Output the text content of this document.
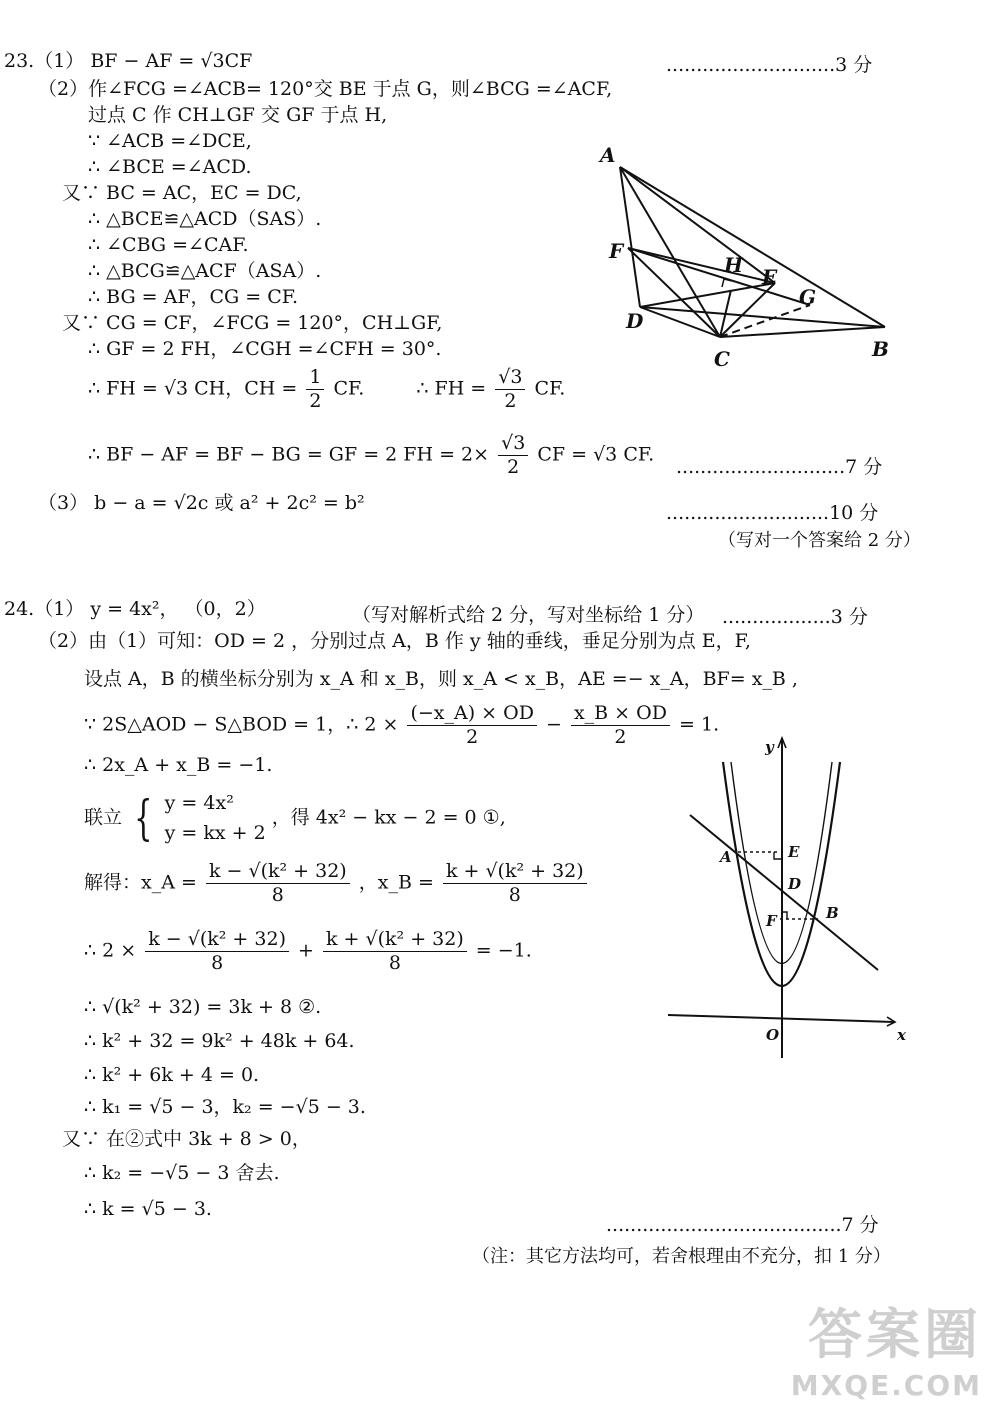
23.（1） BF − AF = √3CF	............................3 分
（2）作∠FCG =∠ACB= 120°交 BE 于点 G，则∠BCG =∠ACF,
过点 C 作 CH⊥GF 交 GF 于点 H,
∵ ∠ACB =∠DCE,
∴ ∠BCE =∠ACD.
又∵ BC = AC，EC = DC,
∴ △BCE≌△ACD（SAS）.
∴ ∠CBG =∠CAF.
∴ △BCG≌△ACF（ASA）.
∴ BG = AF，CG = CF.
又∵ CG = CF，∠FCG = 120°，CH⊥GF,
∴ GF = 2 FH，∠CGH =∠CFH = 30°.
∴ FH = √3 CH，CH = $\frac{1}{2}$ CF.	∴ FH = $\frac{√3}{2}$ CF.
∴ BF − AF = BF − BG = GF = 2 FH = $2\times \frac{√3}{2}$ CF = √3 CF.
............................7 分
（3） b − a = √2c 或 a² + 2c² = b²	...........................10 分
（写对一个答案给 2 分）
A
F
H E
G
D
C	B
24.（1） y = 4x²， （0，2）	（写对解析式给 2 分，写对坐标给 1 分） ..................3 分
（2）由（1）可知：OD = 2 ，分别过点 A，B 作 y 轴的垂线，垂足分别为点 E，F,
设点 A，B 的横坐标分别为 x_A 和 x_B，则 x_A < x_B，AE =− x_A，BF= x_B ,
∵ 2S△AOD − S△BOD = 1，∴ $2 \times \frac{(-x\_A) \times OD}{2} - \frac{x\_B \times OD}{2} = 1$.
∴ 2x_A + x_B = −1.
联立 { y = 4x²
y = kx + 2
，得 4x² − kx − 2 = 0 ①,
解得：x_A = $\frac{\text{k − √(k² + 32)}}{8}$ ，x_B = $\frac{\text{k + √(k² + 32)}}{8}$
∴ $2 \times \frac{\text{k − √(k² + 32)}}{8} + \frac{\text{k + √(k² + 32)}}{8} = -1$.
∴ √(k² + 32) = 3k + 8 ②.
∴ k² + 32 = 9k² + 48k + 64.
∴ k² + 6k + 4 = 0.
∴ k₁ = √5 − 3，k₂ = −√5 − 3.
又∵ 在②式中 3k + 8 > 0，
∴ k₂ = −√5 − 3 舍去.
∴ k = √5 − 3.
.......................................7 分
（注：其它方法均可，若舍根理由不充分，扣 1 分）
y
x
O
A	E
D
F	B
答案圈
MXQE.COM
